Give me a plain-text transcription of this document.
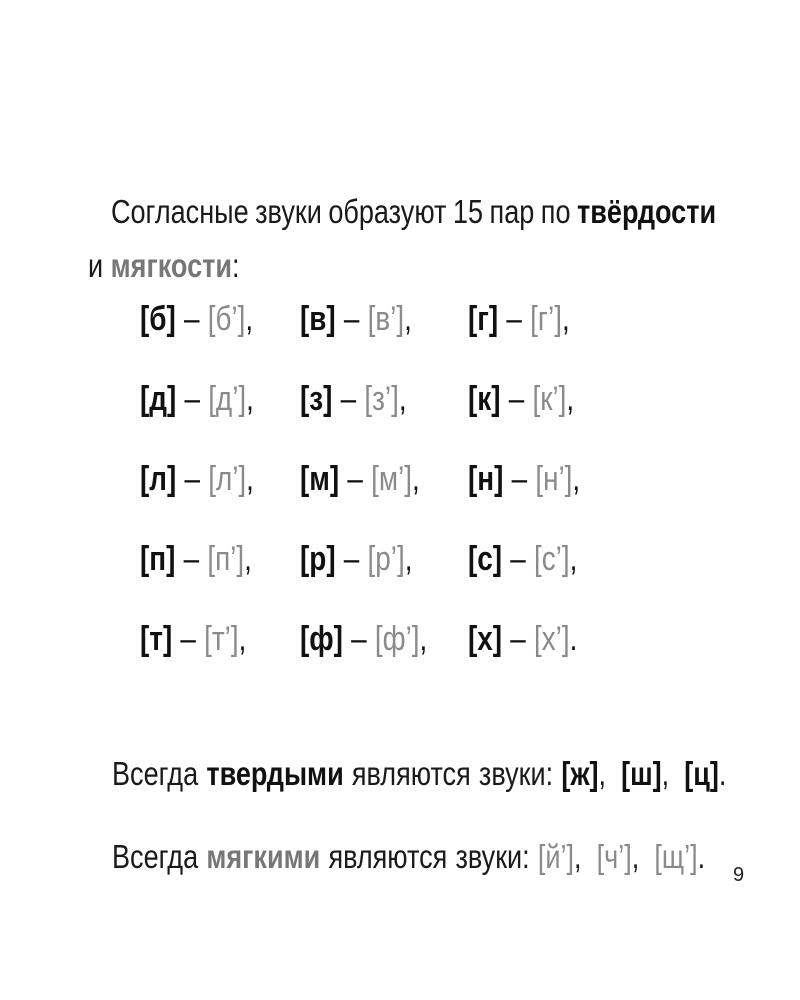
Согласные звуки образуют 15 пар по твёрдости
и мягкости:
[б] – [б’], [в] – [в’], [г] – [г’],
[д] – [д’], [з] – [з’], [к] – [к’],
[л] – [л’], [м] – [м’], [н] – [н’],
[п] – [п’], [р] – [р’], [с] – [с’],
[т] – [т’], [ф] – [ф’], [х] – [х’].
Всегда твердыми являются звуки: [ж], [ш], [ц].
Всегда мягкими являются звуки: [й’], [ч’], [щ’]. 9
